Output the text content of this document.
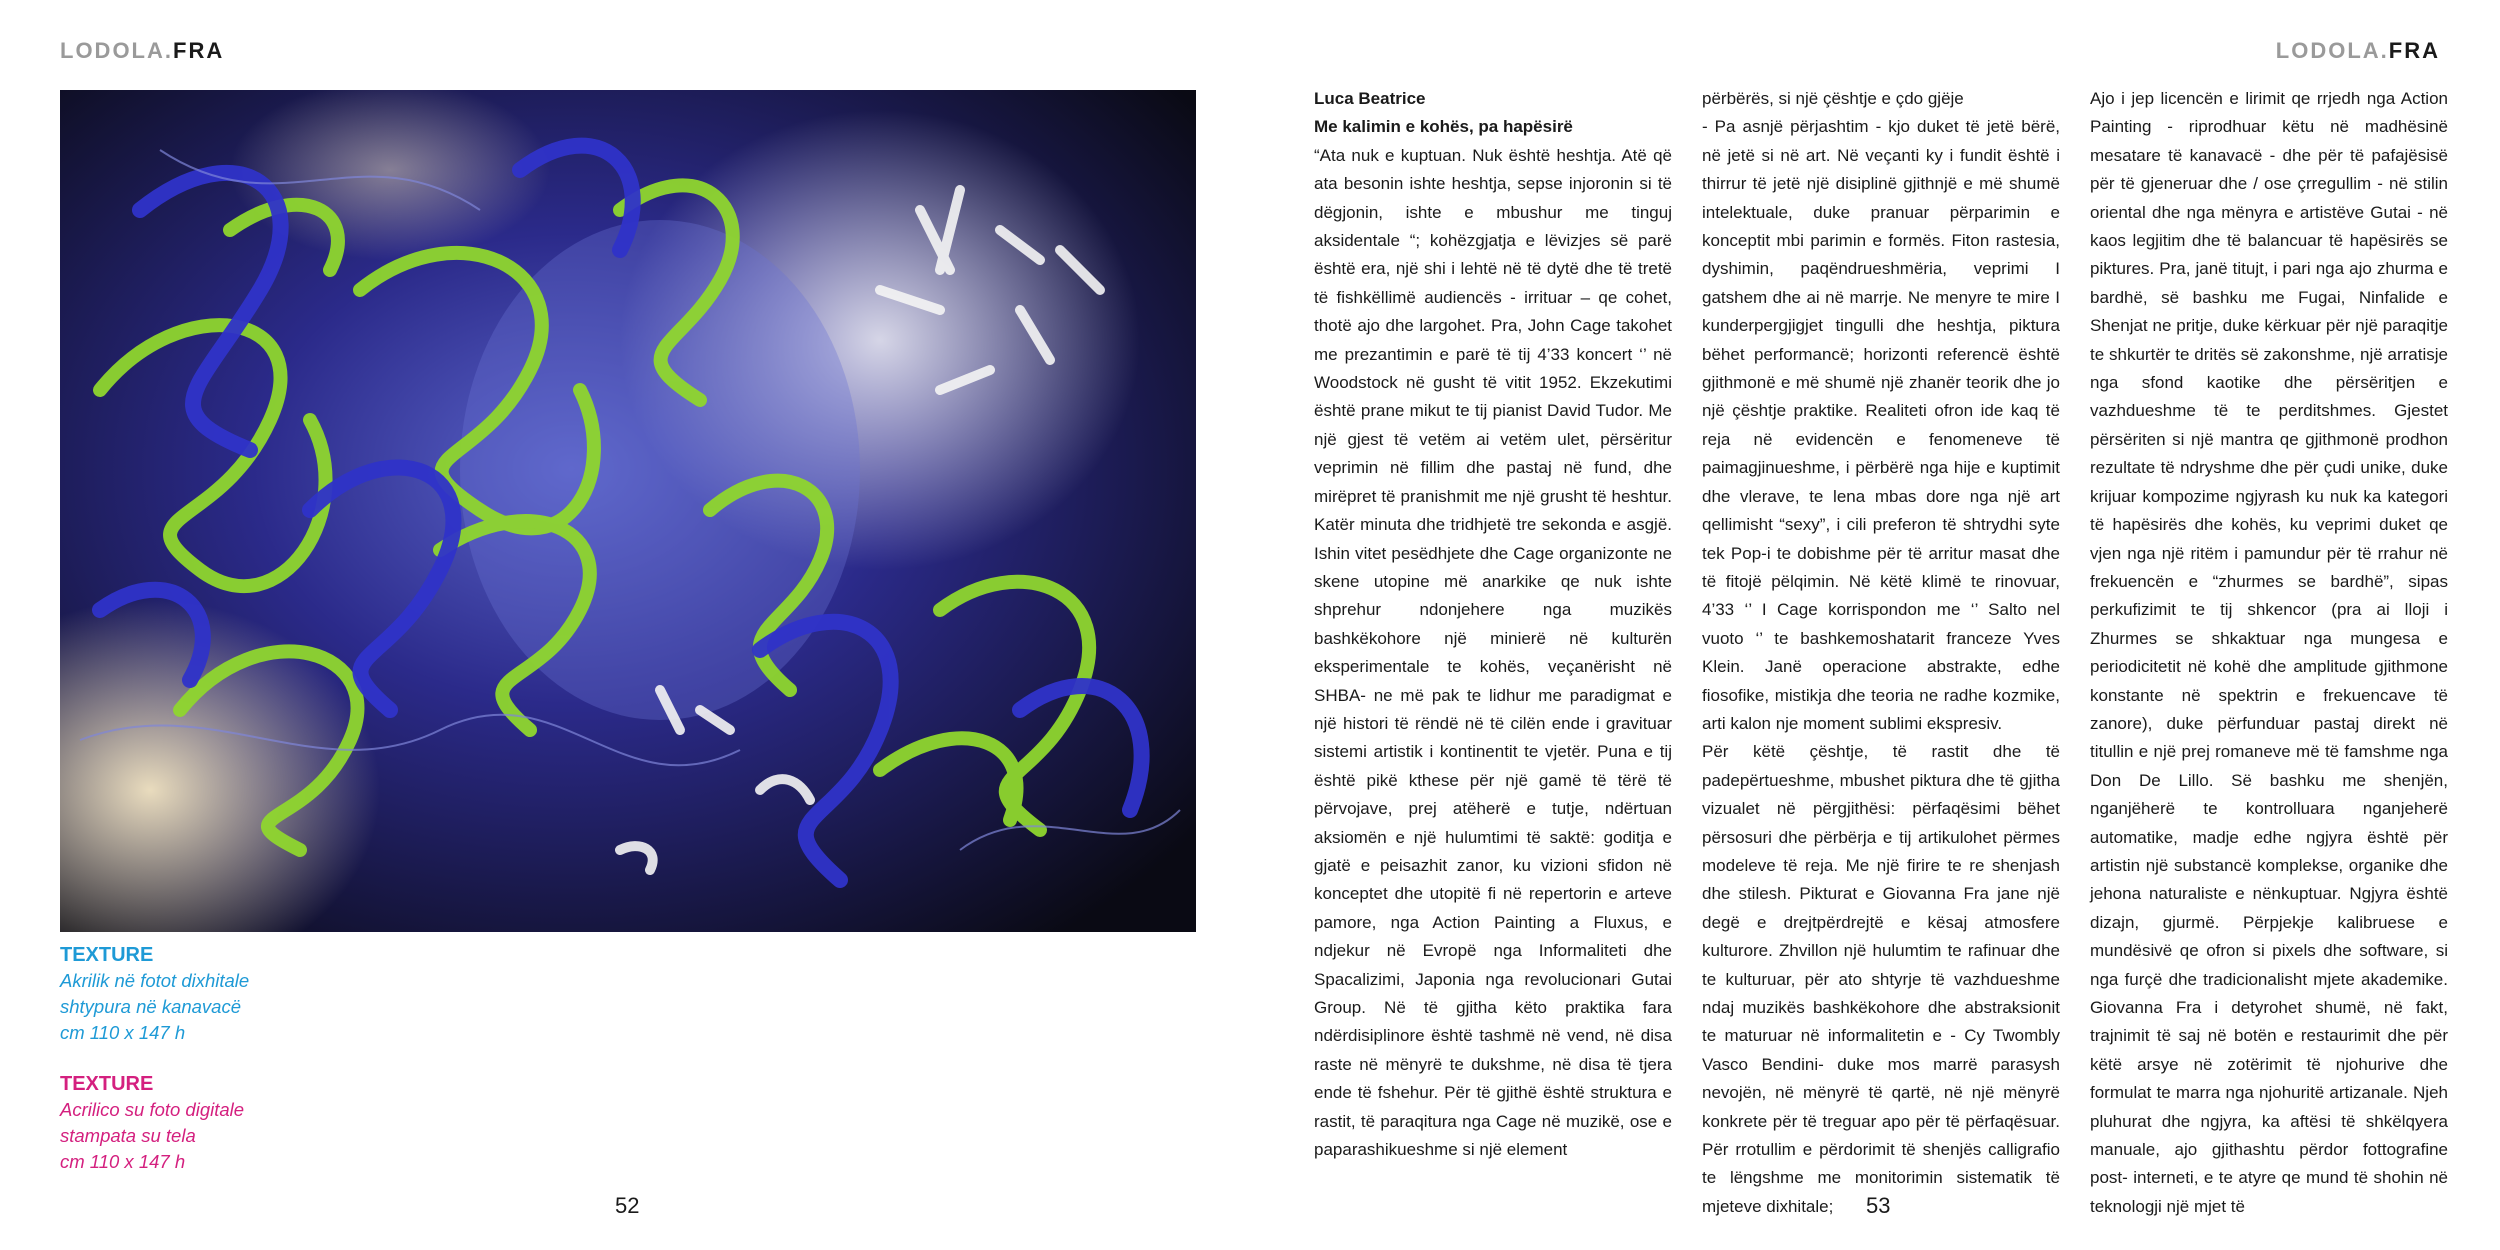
LODOLA.FRA	LODOLA.FRA
TEXTURE
Akrilik në fotot dixhitale
shtypura në kanavacë
cm 110 x 147 h
TEXTURE
Acrilico su foto digitale
stampata su tela
cm 110 x 147 h

Luca Beatrice

Me kalimin e kohës, pa hapësirë

“Ata nuk e kuptuan. Nuk është heshtja. Atë që ata besonin ishte heshtja, sepse injoronin si të dëgjonin, ishte e mbushur me tinguj aksidentale “; kohëzgjatja e lëvizjes së parë është era, një shi i lehtë në të dytë dhe të tretë të fishkëllimë audiencës - irrituar – qe cohet, thotë ajo dhe largohet. Pra, John Cage takohet me prezantimin e parë të tij 4’33 koncert ‘’ në Woodstock në gusht të vitit 1952. Ekzekutimi është prane mikut te tij pianist David Tudor. Me një gjest të vetëm ai vetëm ulet, përsëritur veprimin në fillim dhe pastaj në fund, dhe mirëpret të pranishmit me një grusht të heshtur. Katër minuta dhe tridhjetë tre sekonda e asgjë. Ishin vitet pesëdhjete dhe Cage organizonte ne skene utopine më anarkike qe nuk ishte shprehur ndonjehere nga muzikës bashkëkohore një minierë në kulturën eksperimentale te kohës, veçanërisht në SHBA- ne më pak te lidhur me paradigmat e një histori të rëndë në të cilën ende i gravituar sistemi artistik i kontinentit te vjetër. Puna e tij është pikë kthese për një gamë të tërë të përvojave, prej atëherë e tutje, ndërtuan aksiomën e një hulumtimi të saktë: goditja e gjatë e peisazhit zanor, ku vizioni sfidon në konceptet dhe utopitë fi në repertorin e arteve pamore, nga Action Painting a Fluxus, e ndjekur në Evropë nga Informaliteti dhe Spacalizimi, Japonia nga revolucionari Gutai Group. Në të gjitha këto praktika fara ndërdisiplinore është tashmë në vend, në disa raste në mënyrë te dukshme, në disa të tjera ende të fshehur. Për të gjithë është struktura e rastit, të paraqitura nga Cage në muzikë, ose e paparashikueshme si një element

përbërës, si një çështje e çdo gjëje

- Pa asnjë përjashtim - kjo duket të jetë bërë, në jetë si në art. Në veçanti ky i fundit është i thirrur të jetë një disiplinë gjithnjë e më shumë intelektuale, duke pranuar përparimin e konceptit mbi parimin e formës. Fiton rastesia, dyshimin, paqëndrueshmëria, veprimi I gatshem dhe ai në marrje. Ne menyre te mire I kunderpergjigjet tingulli dhe heshtja, piktura bëhet performancë; horizonti referencë është gjithmonë e më shumë një zhanër teorik dhe jo një çështje praktike. Realiteti ofron ide kaq të reja në evidencën e fenomeneve të paimagjinueshme, i përbërë nga hije e kuptimit dhe vlerave, te lena mbas dore nga një art qellimisht “sexy”, i cili preferon të shtrydhi syte tek Pop-i te dobishme për të arritur masat dhe të fitojë pëlqimin. Në këtë klimë te rinovuar, 4’33 ‘’ I Cage korrispondon me ‘’ Salto nel vuoto ‘’ te bashkemoshatarit franceze Yves Klein. Janë operacione abstrakte, edhe fiosofike, mistikja dhe teoria ne radhe kozmike, arti kalon nje moment sublimi ekspresiv.

Për këtë çështje, të rastit dhe të padepërtueshme, mbushet piktura dhe të gjitha vizualet në përgjithësi: përfaqësimi bëhet përsosuri dhe përbërja e tij artikulohet përmes modeleve të reja. Me një firire te re shenjash dhe stilesh. Pikturat e Giovanna Fra jane një degë e drejtpërdrejtë e kësaj atmosfere kulturore. Zhvillon një hulumtim te rafinuar dhe te kulturuar, për ato shtyrje të vazhdueshme ndaj muzikës bashkëkohore dhe abstraksionit te maturuar në informalitetin e - Cy Twombly Vasco Bendini- duke mos marrë parasysh nevojën, në mënyrë të qartë, në një mënyrë konkrete për të treguar apo për të përfaqësuar. Për rrotullim e përdorimit të shenjës calligrafio te lëngshme me monitorimin sistematik të mjeteve dixhitale;

Ajo i jep licencën e lirimit qe rrjedh nga Action Painting - riprodhuar këtu në madhësinë mesatare të kanavacë - dhe për të pafajësisë për të gjeneruar dhe / ose çrregullim - në stilin oriental dhe nga mënyra e artistëve Gutai - në kaos legjitim dhe të balancuar të hapësirës se piktures. Pra, janë titujt, i pari nga ajo zhurma e bardhë, së bashku me Fugai, Ninfalide e Shenjat ne pritje, duke kërkuar për një paraqitje te shkurtër te dritës së zakonshme, një arratisje nga sfond kaotike dhe përsëritjen e vazhdueshme të te perditshmes. Gjestet përsëriten si një mantra qe gjithmonë prodhon rezultate të ndryshme dhe për çudi unike, duke krijuar kompozime ngjyrash ku nuk ka kategori të hapësirës dhe kohës, ku veprimi duket qe vjen nga një ritëm i pamundur për të rrahur në frekuencën e “zhurmes se bardhë”, sipas perkufizimit te tij shkencor (pra ai lloji i Zhurmes se shkaktuar nga mungesa e periodicitetit në kohë dhe amplitude gjithmone konstante në spektrin e frekuencave të zanore), duke përfunduar pastaj direkt në titullin e një prej romaneve më të famshme nga Don De Lillo. Së bashku me shenjën, nganjëherë te kontrolluara nganjeherë automatike, madje edhe ngjyra është për artistin një substancë komplekse, organike dhe jehona naturaliste e nënkuptuar. Ngjyra është dizajn, gjurmë. Përpjekje kalibruese e mundësivë qe ofron si pixels dhe software, si nga furçë dhe tradicionalisht mjete akademike. Giovanna Fra i detyrohet shumë, në fakt, trajnimit të saj në botën e restaurimit dhe për këtë arsye në zotërimit të njohurive dhe formulat te marra nga njohuritë artizanale. Njeh pluhurat dhe ngjyra, ka aftësi të shkëlqyera manuale, ajo gjithashtu përdor fottografine post- interneti, e te atyre qe mund të shohin në teknologji një mjet të

52	53
